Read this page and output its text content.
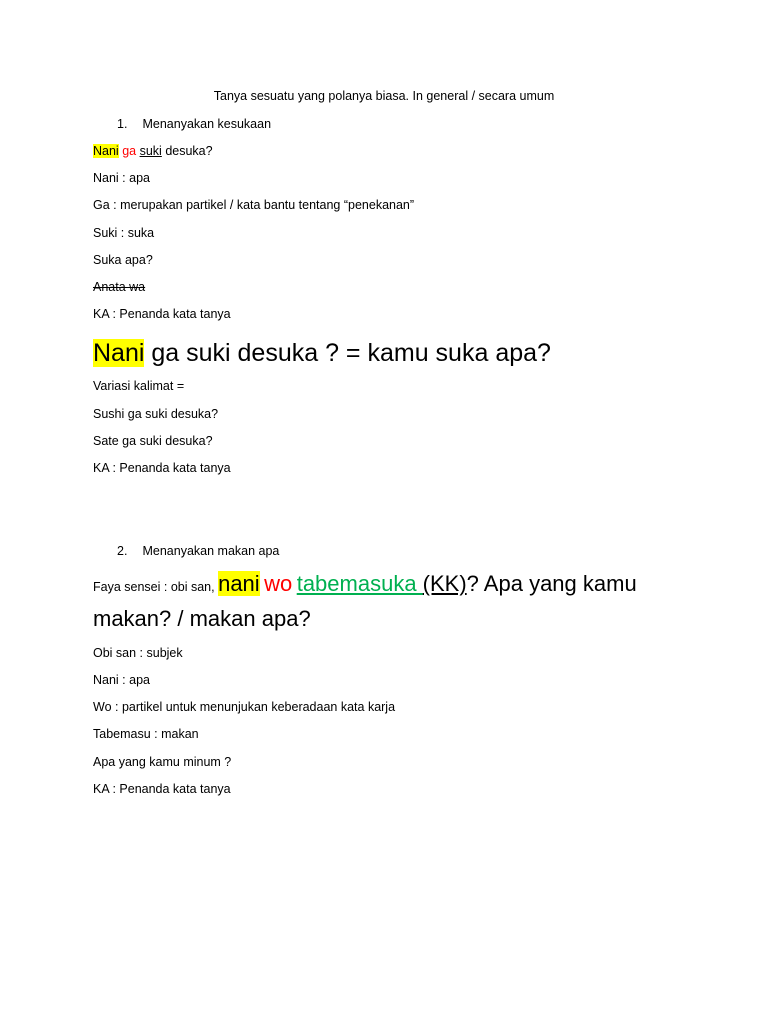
Tanya sesuatu yang polanya biasa. In general / secara umum
1. Menanyakan kesukaan
Nani ga suki desuka?
Nani : apa
Ga : merupakan partikel / kata bantu tentang “penekanan”
Suki : suka
Suka apa?
Anata wa
KA : Penanda kata tanya
Nani ga suki desuka ? = kamu suka apa?
Variasi kalimat =
Sushi ga suki desuka?
Sate ga suki desuka?
KA : Penanda kata tanya
2. Menanyakan makan apa
Faya sensei : obi san, nani wo tabemasuka (KK)? Apa yang kamu makan? / makan apa?
Obi san : subjek
Nani : apa
Wo : partikel untuk menunjukan keberadaan kata karja
Tabemasu : makan
Apa yang kamu minum ?
KA : Penanda kata tanya
